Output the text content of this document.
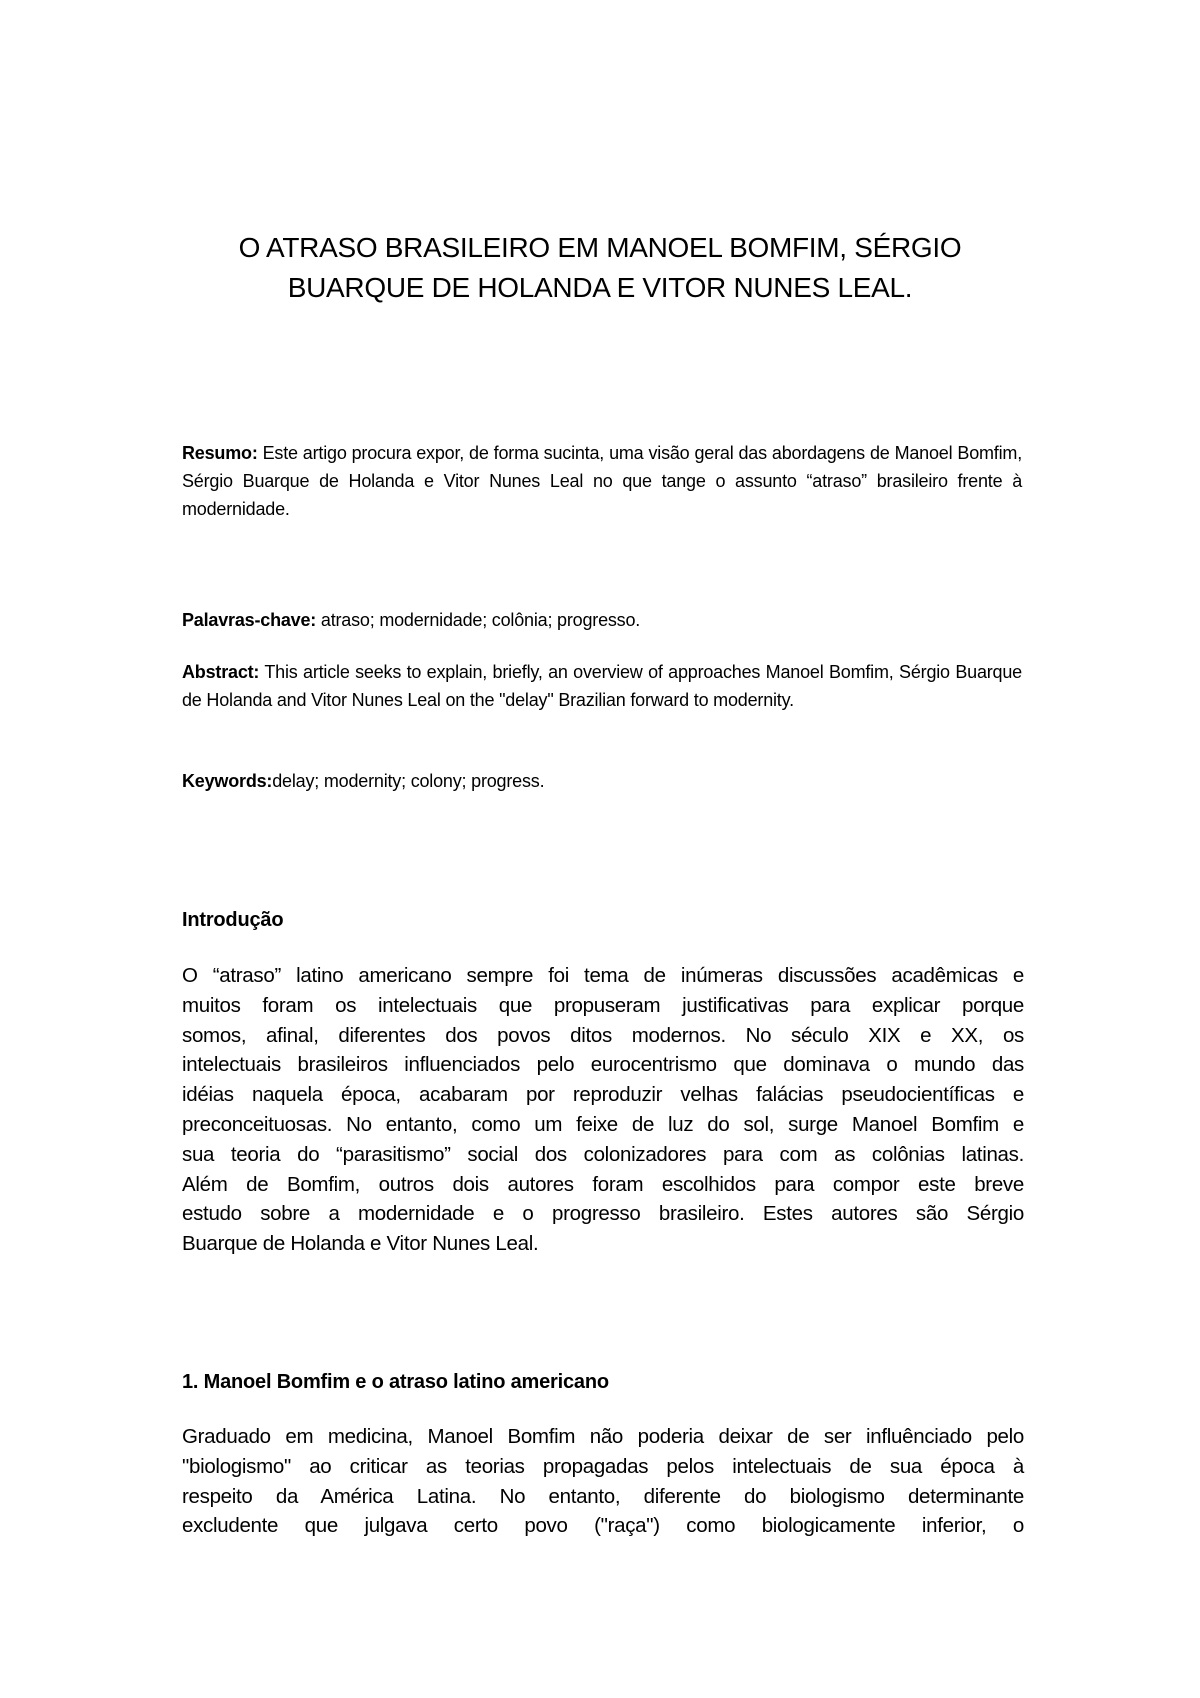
O ATRASO BRASILEIRO EM MANOEL BOMFIM, SÉRGIO
BUARQUE DE HOLANDA E VITOR NUNES LEAL.
Resumo: Este artigo procura expor, de forma sucinta, uma visão geral das abordagens de Manoel Bomfim, Sérgio Buarque de Holanda e Vitor Nunes Leal no que tange o assunto “atraso” brasileiro frente à modernidade.
Palavras-chave: atraso; modernidade; colônia; progresso.
Abstract: This article seeks to explain, briefly, an overview of approaches Manoel Bomfim, Sérgio Buarque de Holanda and Vitor Nunes Leal on the "delay" Brazilian forward to modernity.
Keywords:delay; modernity; colony; progress.
Introdução
O “atraso” latino americano sempre foi tema de inúmeras discussões acadêmicas e
muitos foram os intelectuais que propuseram justificativas para explicar porque
somos, afinal, diferentes dos povos ditos modernos. No século XIX e XX, os
intelectuais brasileiros influenciados pelo eurocentrismo que dominava o mundo das
idéias naquela época, acabaram por reproduzir velhas falácias pseudocientíficas e
preconceituosas. No entanto, como um feixe de luz do sol, surge Manoel Bomfim e
sua teoria do “parasitismo” social dos colonizadores para com as colônias latinas.
Além de Bomfim, outros dois autores foram escolhidos para compor este breve
estudo sobre a modernidade e o progresso brasileiro. Estes autores são Sérgio
Buarque de Holanda e Vitor Nunes Leal.
1. Manoel Bomfim e o atraso latino americano
Graduado em medicina, Manoel Bomfim não poderia deixar de ser influênciado pelo
"biologismo" ao criticar as teorias propagadas pelos intelectuais de sua época à
respeito da América Latina. No entanto, diferente do biologismo determinante
excludente que julgava certo povo ("raça") como biologicamente inferior, o
